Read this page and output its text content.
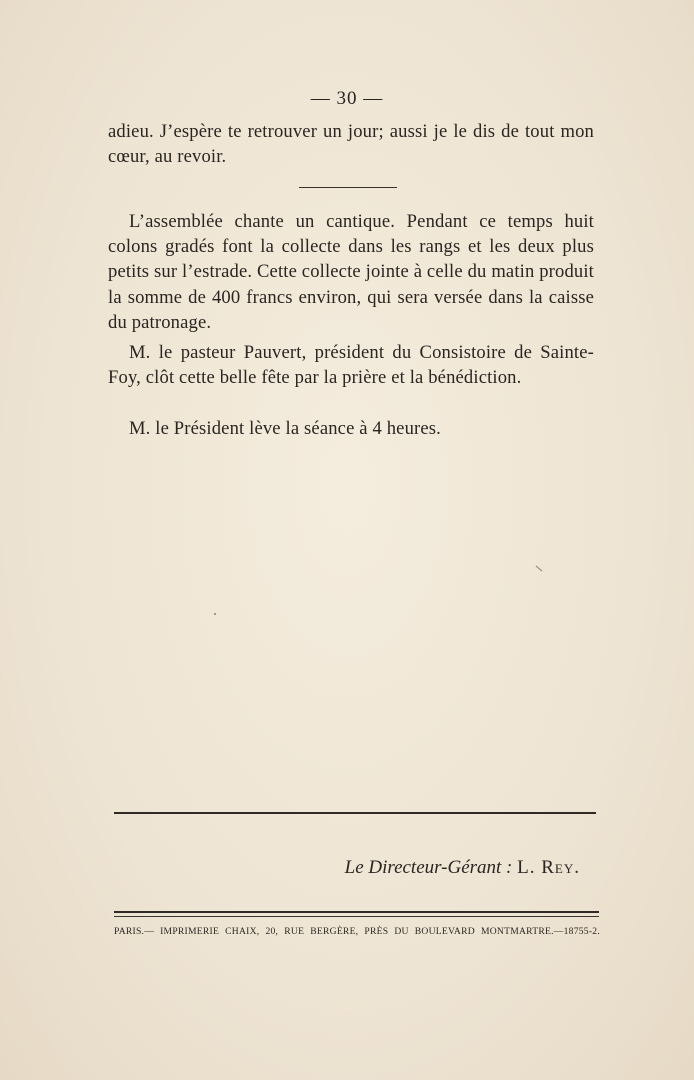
— 30 —

adieu. J’espère te retrouver un jour; aussi je le dis de tout mon cœur, au revoir.

L’assemblée chante un cantique. Pendant ce temps huit colons gradés font la collecte dans les rangs et les deux plus petits sur l’estrade. Cette collecte jointe à celle du matin produit la somme de 400 francs environ, qui sera versée dans la caisse du patronage.

M. le pasteur Pauvert, président du Consistoire de Sainte-Foy, clôt cette belle fête par la prière et la bénédiction.

M. le Président lève la séance à 4 heures.

Le Directeur-Gérant : L. Rey.
PARIS.— IMPRIMERIE CHAIX, 20, RUE BERGÈRE, PRÈS DU BOULEVARD MONTMARTRE.—18755-2.
